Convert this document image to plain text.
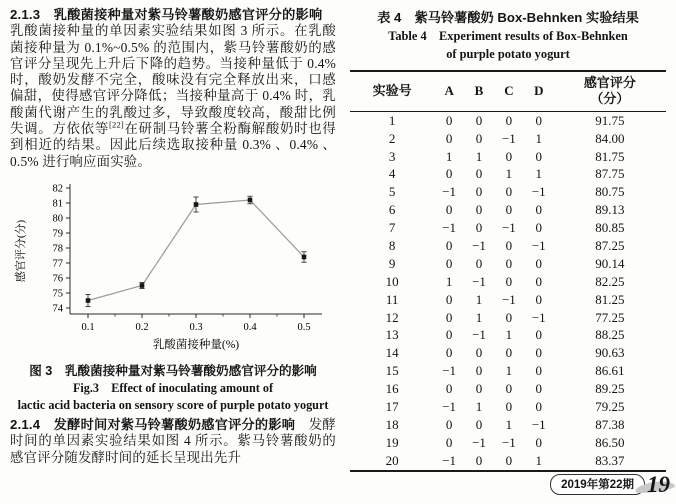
2.1.3　乳酸菌接种量对紫马铃薯酸奶感官评分的影响　乳酸菌接种量的单因素实验结果如图 3 所示。在乳酸菌接种量为 0.1%~0.5% 的范围内，紫马铃薯酸奶的感官评分呈现先上升后下降的趋势。当接种量低于 0.4% 时，酸奶发酵不完全，酸味没有完全释放出来，口感偏甜，使得感官评分降低；当接种量高于 0.4% 时，乳酸菌代谢产生的乳酸过多，导致酸度较高，酸甜比例失调。方依依等[22]在研制马铃薯全粉酶解酸奶时也得到相近的结果。因此后续选取接种量 0.3% 、0.4% 、0.5% 进行响应面实验。

74
75
76
77
78
79
80
81
82
0.1	0.2	0.3	0.4	0.5
感官评分(分)
乳酸菌接种量(%)
图 3　乳酸菌接种量对紫马铃薯酸奶感官评分的影响
Fig.3　Effect of inoculating amount of
lactic acid bacteria on sensory score of purple potato yogurt

2.1.4　发酵时间对紫马铃薯酸奶感官评分的影响　发酵时间的单因素实验结果如图 4 所示。紫马铃薯酸奶的感官评分随发酵时间的延长呈现出先升

表 4　紫马铃薯酸奶 Box-Behnken 实验结果
Table 4　Experiment results of Box-Behnken
of purple potato yogurt
实验号	A	B	C	D	感官评分
（分）
1	0	0	0	0	91.75
2	0	0	−1	1	84.00
3	1	1	0	0	81.75
4	0	0	1	1	87.75
5	−1	0	0	−1	80.75
6	0	0	0	0	89.13
7	−1	0	−1	0	80.85
8	0	−1	0	−1	87.25
9	0	0	0	0	90.14
10	1	−1	0	0	82.25
11	0	1	−1	0	81.25
12	0	1	0	−1	77.25
13	0	−1	1	0	88.25
14	0	0	0	0	90.63
15	−1	0	1	0	86.61
16	0	0	0	0	89.25
17	−1	1	0	0	79.25
18	0	0	1	−1	87.38
19	0	−1	−1	0	86.50
20	−1	0	0	1	83.37
2019年第22期 19
